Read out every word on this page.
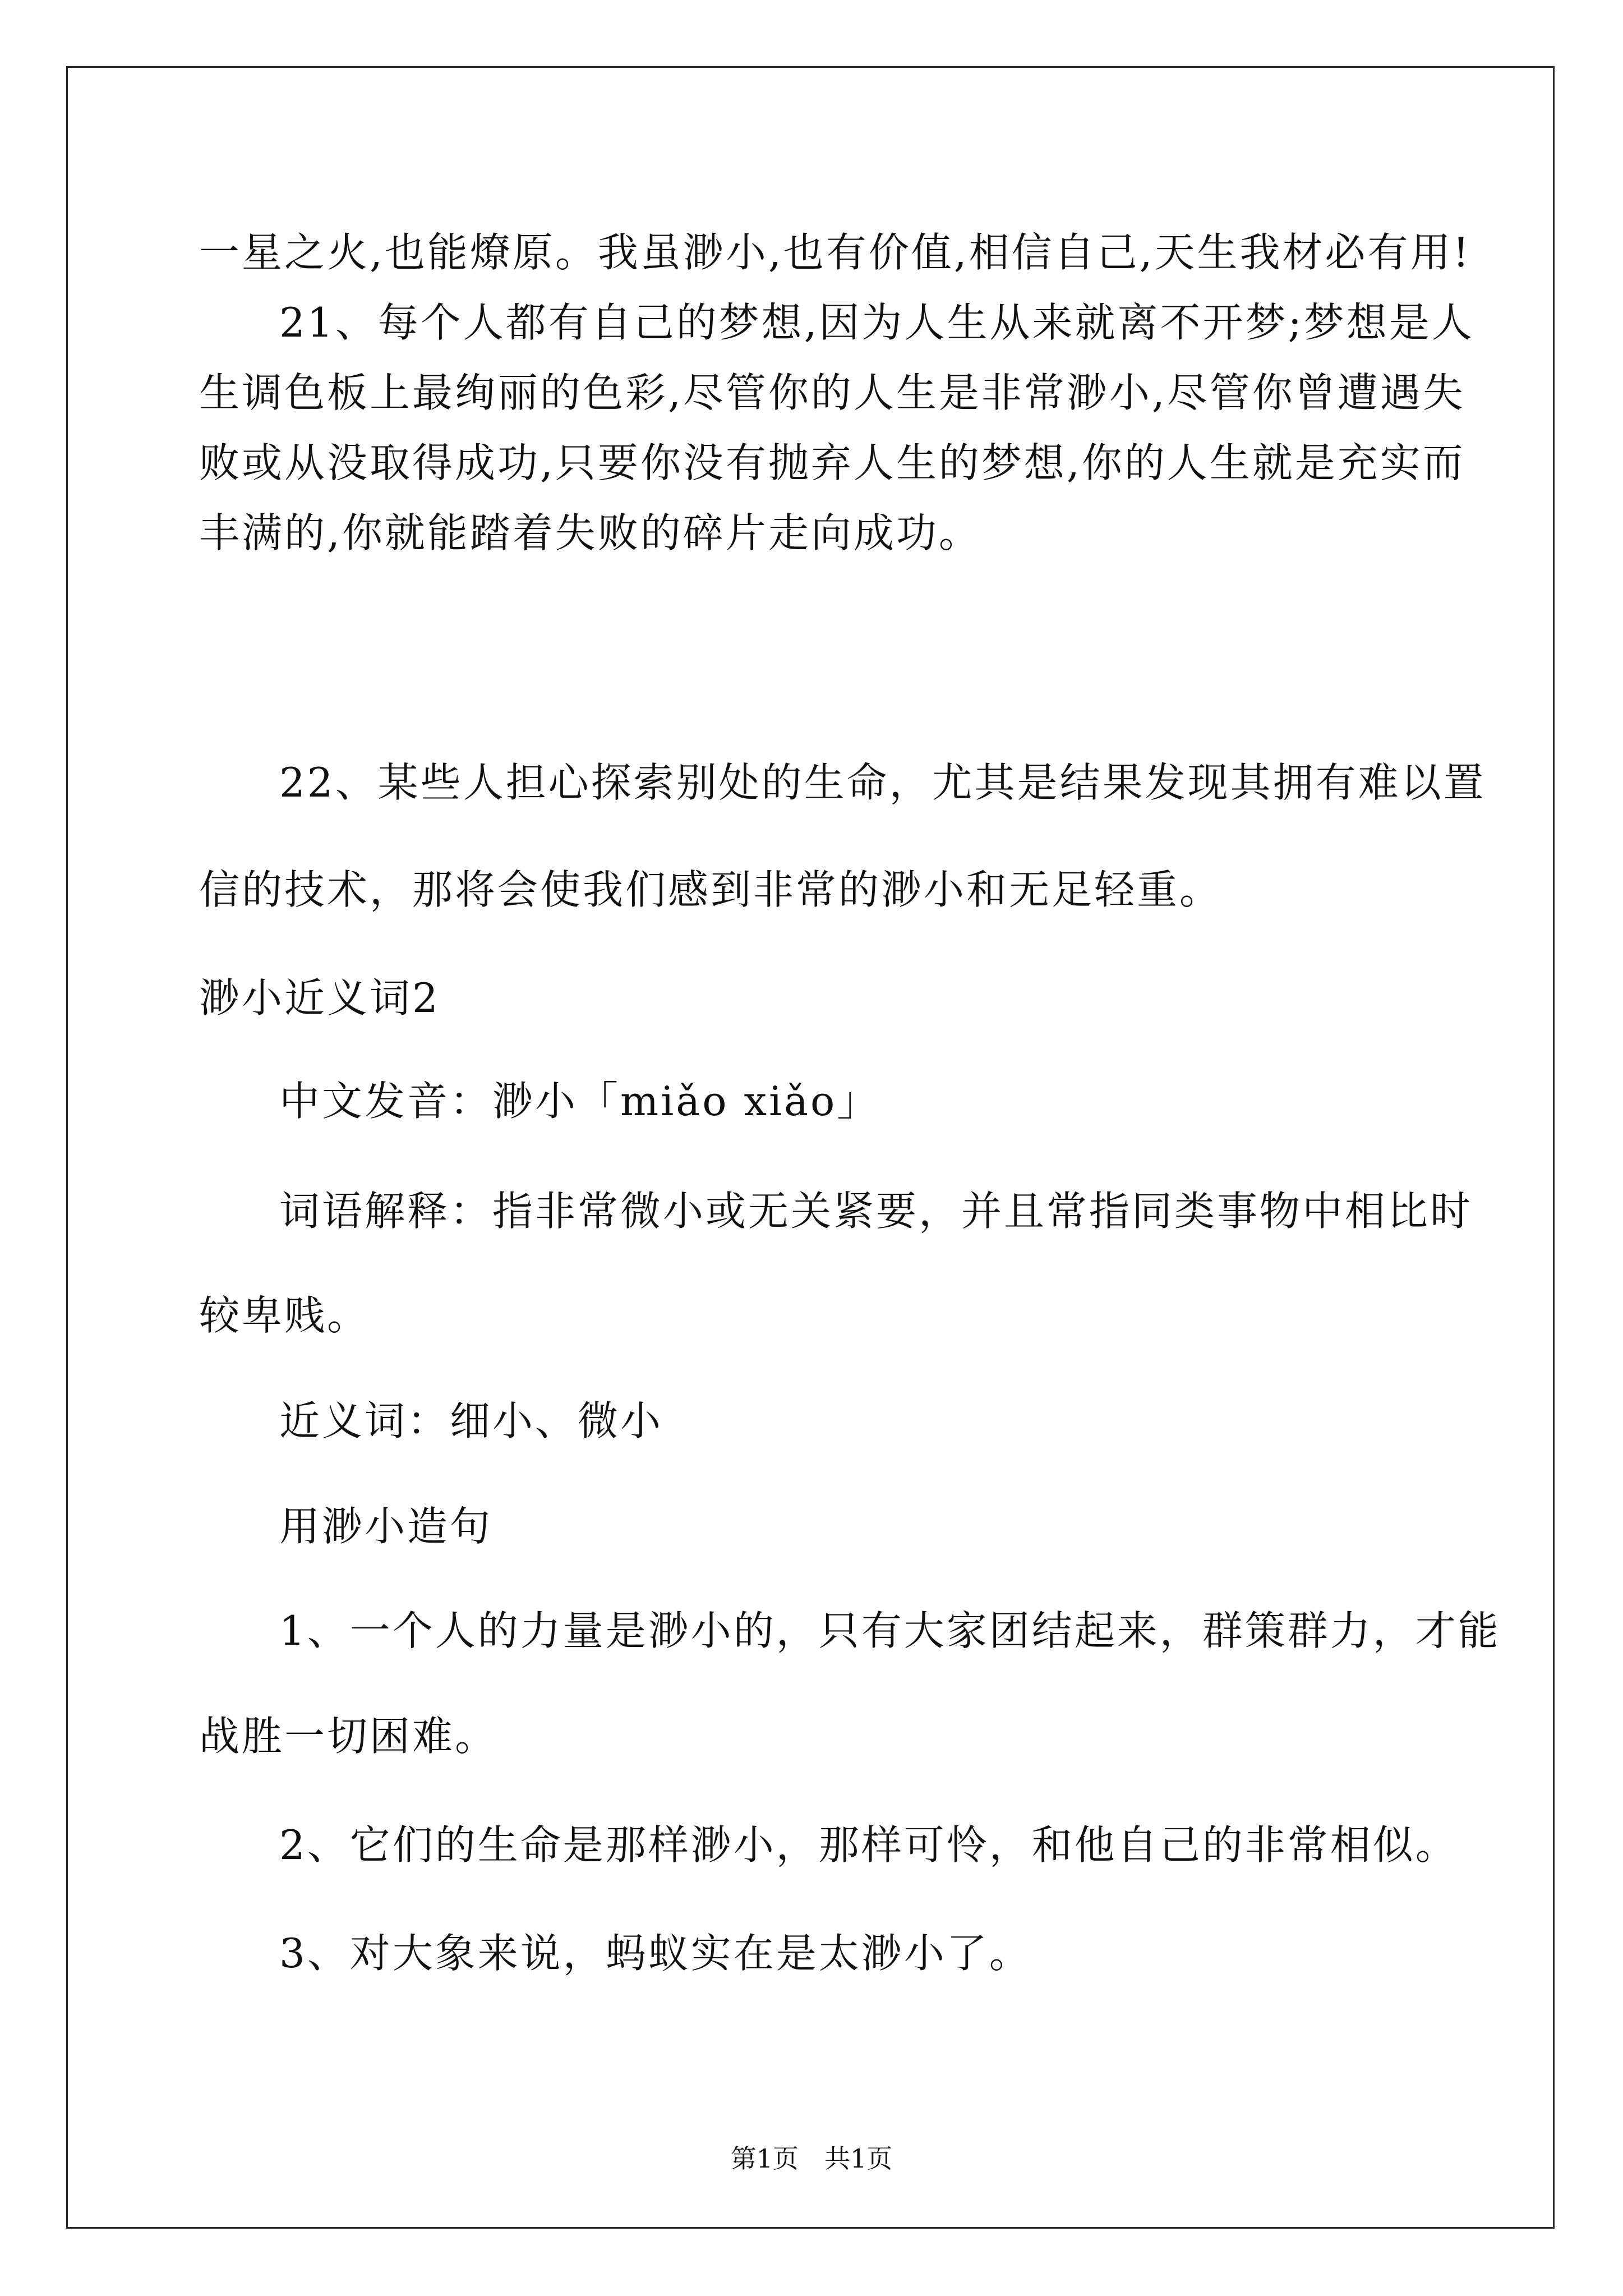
一星之火,也能燎原。我虽渺小,也有价值,相信自己,天生我材必有用!
21、每个人都有自己的梦想,因为人生从来就离不开梦;梦想是人
生调色板上最绚丽的色彩,尽管你的人生是非常渺小,尽管你曾遭遇失
败或从没取得成功,只要你没有抛弃人生的梦想,你的人生就是充实而
丰满的,你就能踏着失败的碎片走向成功。
22、某些人担心探索别处的生命，尤其是结果发现其拥有难以置
信的技术，那将会使我们感到非常的渺小和无足轻重。
渺小近义词2
中文发音：渺小「miǎo xiǎo」
词语解释：指非常微小或无关紧要，并且常指同类事物中相比时
较卑贱。
近义词：细小、微小
用渺小造句
1、一个人的力量是渺小的，只有大家团结起来，群策群力，才能
战胜一切困难。
2、它们的生命是那样渺小，那样可怜，和他自己的非常相似。
3、对大象来说，蚂蚁实在是太渺小了。
第1页　共1页
